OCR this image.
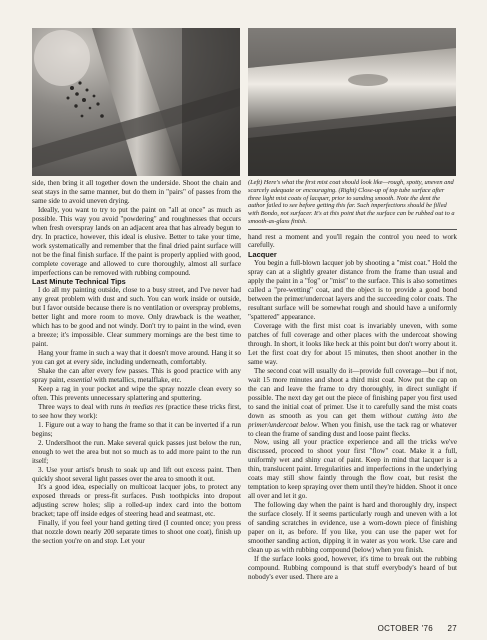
side, then bring it all together down the underside. Shoot the chain and seat stays in the same manner, but do them in "pairs" of passes from the same side to avoid uneven drying.

Ideally, you want to try to put the paint on "all at once" as much as possible. This way you avoid "powdering" and roughnesses that occurs when fresh overspray lands on an adjacent area that has already begun to dry. In practice, however, this ideal is elusive. Better to take your time, work systematically and remember that the final dried paint surface will not be the final finish surface. If the paint is properly applied with good, complete coverage and allowed to cure thoroughly, almost all surface imperfections can be removed with rubbing compound.

Last Minute Technical Tips

I do all my painting outside, close to a busy street, and I've never had any great problem with dust and such. You can work inside or outside, but I favor outside because there is no ventilation or overspray problems, better light and more room to move. Only drawback is the weather, which has to be good and not windy. Don't try to paint in the wind, even a breeze; it's impossible. Clear summery mornings are the best time to paint.

Hang your frame in such a way that it doesn't move around. Hang it so you can get at every side, including underneath, comfortably.

Shake the can after every few passes. This is good practice with any spray paint, essential with metallics, metalflake, etc.

Keep a rag in your pocket and wipe the spray nozzle clean every so often. This prevents unnecessary splattering and sputtering.

Three ways to deal with runs in medias res (practice these tricks first, to see how they work):

1. Figure out a way to hang the frame so that it can be inverted if a run begins;

2. Underslhoot the run. Make several quick passes just below the run, enough to wet the area but not so much as to add more paint to the run itself;

3. Use your artist's brush to soak up and lift out excess paint. Then quickly shoot several light passes over the area to smooth it out.

It's a good idea, especially on multicoat lacquer jobs, to protect any exposed threads or press-fit surfaces. Push toothpicks into dropout adjusting screw holes; slip a rolled-up index card into the bottom bracket; tape off inside edges of steering head and seatmast, etc.

Finally, if you feel your hand getting tired (I counted once; you press that nozzle down nearly 200 separate times to shoot one coat), finish up the section you're on and stop. Let your

(Left) Here's what the first mist coat should look like—rough, spotty, uneven and scarcely adequate or encouraging. (Right) Close-up of top tube surface after three light mist coats of lacquer, prior to sanding smooth. Note the dent the author failed to see before getting this far. Such imperfections should be filled with Bondo, not surfacer. It's at this point that the surface can be rubbed out to a smooth-as-glass finish.

hand rest a moment and you'll regain the control you need to work carefully.

Lacquer

You begin a full-blown lacquer job by shooting a "mist coat." Hold the spray can at a slightly greater distance from the frame than usual and apply the paint in a "fog" or "mist" to the surface. This is also sometimes called a "pre-wetting" coat, and the object is to provide a good bond between the primer/undercoat layers and the succeeding color coats. The resultant surface will be somewhat rough and should have a uniformly "spattered" appearance.

Coverage with the first mist coat is invariably uneven, with some patches of full coverage and other places with the undercoat showing through. In short, it looks like heck at this point but don't worry about it. Let the first coat dry for about 15 minutes, then shoot another in the same way.

The second coat will usually do it—provide full coverage—but if not, wait 15 more minutes and shoot a third mist coat. Now put the cap on the can and leave the frame to dry thoroughly, in direct sunlight if possible. The next day get out the piece of finishing paper you first used to sand the initial coat of primer. Use it to carefully sand the mist coats down as smooth as you can get them without cutting into the primer/undercoat below. When you finish, use the tack rag or whatever to clean the frame of sanding dust and loose paint flecks.

Now, using all your practice experience and all the tricks we've discussed, proceed to shoot your first "flow" coat. Make it a full, uniformly wet and shiny coat of paint. Keep in mind that lacquer is a thin, translucent paint. Irregularities and imperfections in the underlying coats may still show faintly through the flow coat, but resist the temptation to keep spraying over them until they're hidden. Shoot it once all over and let it go.

The following day when the paint is hard and thoroughly dry, inspect the surface closely. If it seems particularly rough and uneven with a lot of sanding scratches in evidence, use a worn-down piece of finishing paper on it, as before. If you like, you can use the paper wet for smoother sanding action, dipping it in water as you work. Use care and clean up as with rubbing compound (below) when you finish.

If the surface looks good, however, it's time to break out the rubbing compound. Rubbing compound is that stuff everybody's heard of but nobody's ever used. There are a

OCTOBER '76 27
